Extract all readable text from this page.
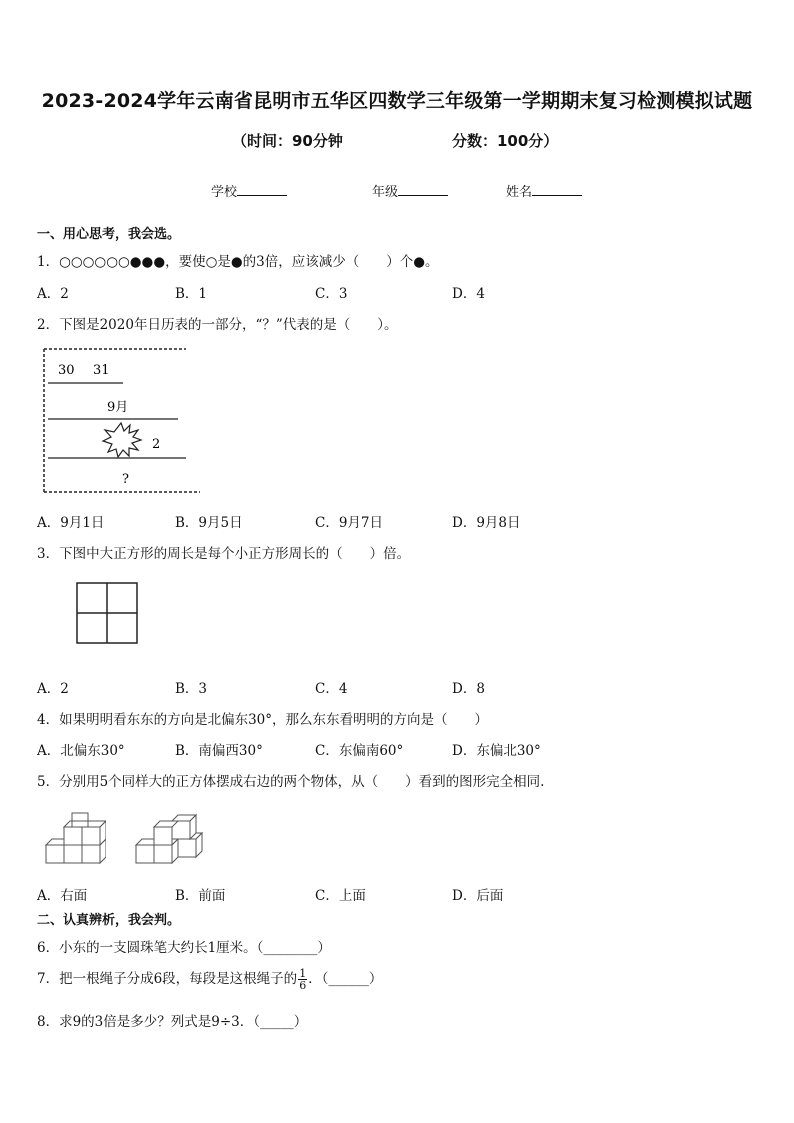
2023-2024学年云南省昆明市五华区四数学三年级第一学期期末复习检测模拟试题
（时间：90分钟	分数：100分）
学校	年级	姓名
一、用心思考，我会选。
1．○○○○○○●●●，要使○是●的3倍，应该减少（　　）个●。
A．2	B．1	C．3	D．4
2．下图是2020年日历表的一部分，“？”代表的是（　　）。
30 31
9月
2
?
A．9月1日	B．9月5日	C．9月7日	D．9月8日
3．下图中大正方形的周长是每个小正方形周长的（　　）倍。
A．2	B．3	C．4	D．8
4．如果明明看东东的方向是北偏东30°，那么东东看明明的方向是（　　）
A．北偏东30°	B．南偏西30°	C．东偏南60°	D．东偏北30°
5．分别用5个同样大的正方体摆成右边的两个物体，从（　　）看到的图形完全相同.
A．右面	B．前面	C．上面	D．后面
二、认真辨析，我会判。
6．小东的一支圆珠笔大约长1厘米。（________）
7．把一根绳子分成6段，每段是这根绳子的 $\frac{1}{6}$ ．（______）
8．求9的3倍是多少？列式是9÷3．（_____）
